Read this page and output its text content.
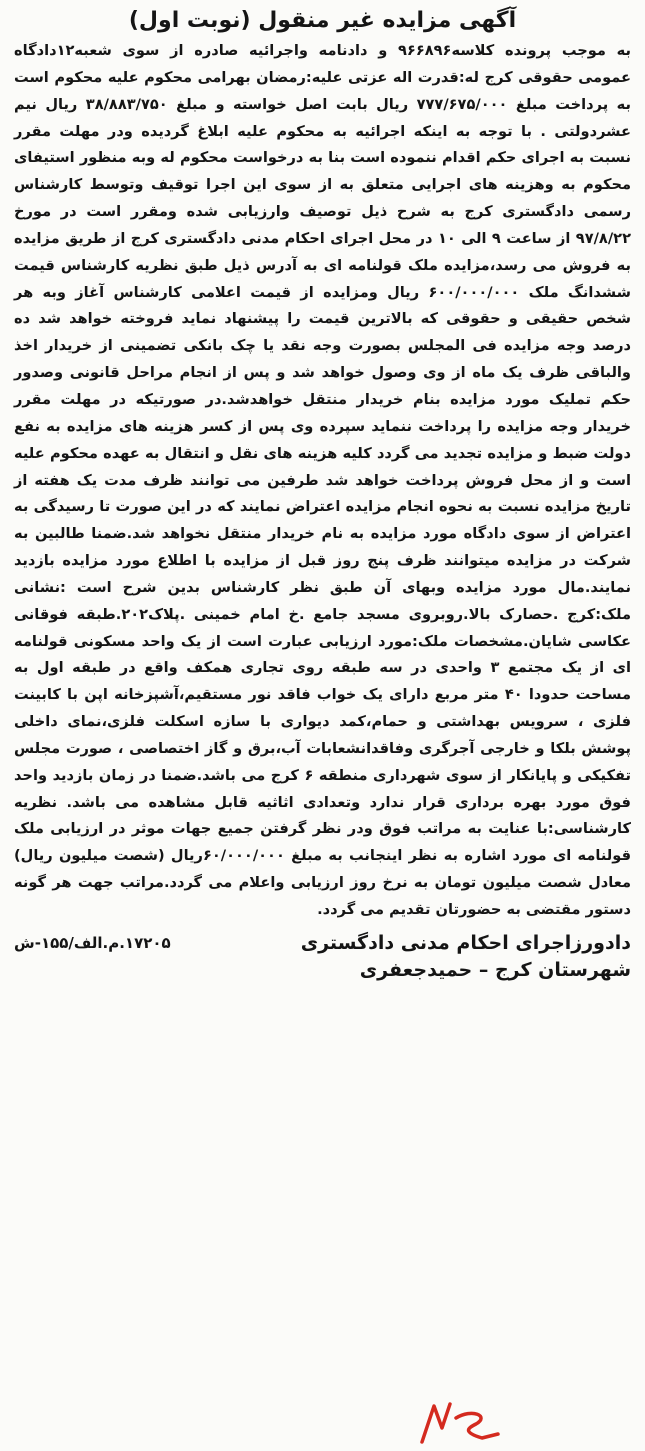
آگهی مزایده غیر منقول (نوبت اول)

به موجب پرونده کلاسه۹۶۶۸۹۶ و دادنامه واجرائیه صادره از سوی شعبه۱۲دادگاه عمومی حقوقی کرج له:قدرت اله عزتی علیه:رمضان بهرامی محکوم علیه محکوم است به پرداخت مبلغ ۷۷۷/۶۷۵/۰۰۰ ریال بابت اصل خواسته و مبلغ ۳۸/۸۸۳/۷۵۰ ریال نیم عشردولتی . با توجه به اینکه اجرائیه به محکوم علیه ابلاغ گردیده ودر مهلت مقرر نسبت به اجرای حکم اقدام ننموده است بنا به درخواست محکوم له وبه منظور استیفای محکوم به وهزینه های اجرایی متعلق به از سوی این اجرا توقیف وتوسط کارشناس رسمی دادگستری کرج به شرح ذیل توصیف وارزیابی شده ومقرر است در مورخ ۹۷/۸/۲۲ از ساعت ۹ الی ۱۰ در محل اجرای احکام مدنی دادگستری کرج از طریق مزایده به فروش می رسد،مزایده ملک قولنامه ای به آدرس ذیل طبق نظریه کارشناس قیمت ششدانگ ملک ۶۰۰/۰۰۰/۰۰۰ ریال ومزایده از قیمت اعلامی کارشناس آغاز وبه هر شخص حقیقی و حقوقی که بالاترین قیمت را پیشنهاد نماید فروخته خواهد شد ده درصد وجه مزایده فی المجلس بصورت وجه نقد یا چک بانکی تضمینی از خریدار اخذ والباقی ظرف یک ماه از وی وصول خواهد شد و پس از انجام مراحل قانونی وصدور حکم تملیک مورد مزایده بنام خریدار منتقل خواهدشد.در صورتیکه در مهلت مقرر خریدار وجه مزایده را پرداخت ننماید سپرده وی پس از کسر هزینه های مزایده به نفع دولت ضبط و مزایده تجدید می گردد کلیه هزینه های نقل و انتقال به عهده محکوم علیه است و از محل فروش پرداخت خواهد شد طرفین می توانند ظرف مدت یک هفته از تاریخ مزایده نسبت به نحوه انجام مزایده اعتراض نمایند که در این صورت تا رسیدگی به اعتراض از سوی دادگاه مورد مزایده به نام خریدار منتقل نخواهد شد.ضمنا طالبین به شرکت در مزایده میتوانند ظرف پنج روز قبل از مزایده با اطلاع مورد مزایده بازدید نمایند.مال مورد مزایده وبهای آن طبق نظر کارشناس بدین شرح است :نشانی ملک:کرج .حصارک بالا.روبروی مسجد جامع .خ امام خمینی .پلاک۲۰۲.طبقه فوقانی عکاسی شایان.مشخصات ملک:مورد ارزیابی عبارت است از یک واحد مسکونی قولنامه ای از یک مجتمع ۳ واحدی در سه طبقه روی تجاری همکف واقع در طبقه اول به مساحت حدودا ۴۰ متر مربع دارای یک خواب فاقد نور مستقیم،آشپزخانه اپن با کابینت فلزی ، سرویس بهداشتی و حمام،کمد دیواری با سازه اسکلت فلزی،نمای داخلی پوشش بلکا و خارجی آجرگری وفاقدانشعابات آب،برق و گاز اختصاصی ، صورت مجلس تفکیکی و پایانکار از سوی شهرداری منطقه ۶ کرج می باشد.ضمنا در زمان بازدید واحد فوق مورد بهره برداری قرار ندارد وتعدادی اثاثیه قابل مشاهده می باشد. نظریه کارشناسی:با عنایت به مراتب فوق ودر نظر گرفتن جمیع جهات موثر در ارزیابی ملک قولنامه ای مورد اشاره به نظر اینجانب به مبلغ ۶۰/۰۰۰/۰۰۰ریال (شصت میلیون ریال) معادل شصت میلیون تومان به نرخ روز ارزیابی واعلام می گردد.مراتب جهت هر گونه دستور مقتضی به حضورتان تقدیم می گردد.

دادورزاجرای احکام مدنی دادگستری
۱۷۲۰۵.م.الف/۱۵۵-ش
شهرستان کرج – حمیدجعفری
